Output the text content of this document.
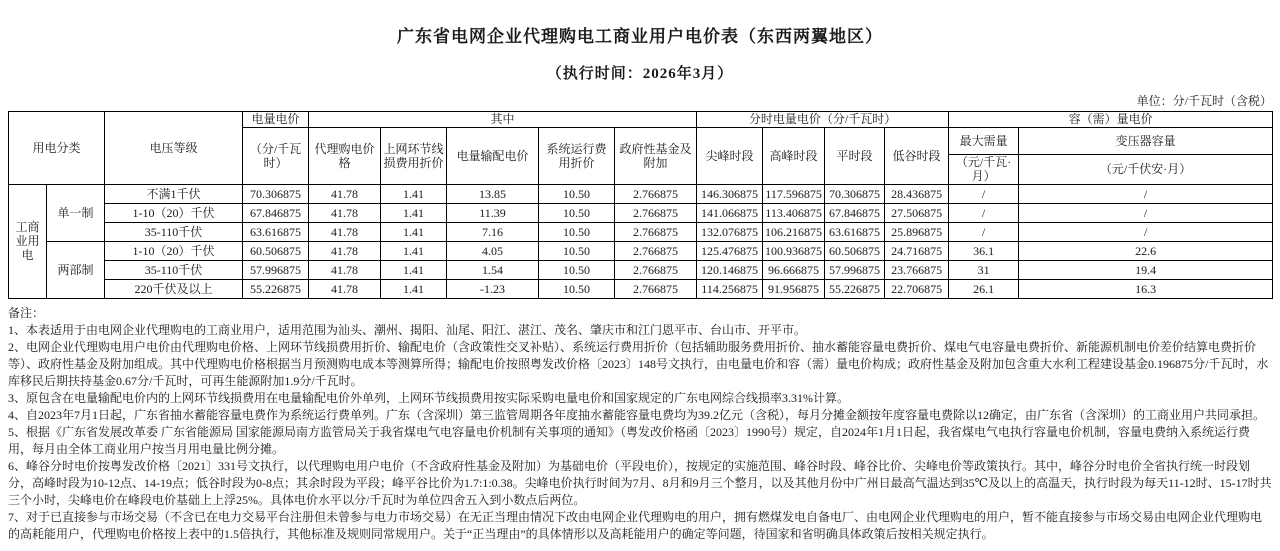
广东省电网企业代理购电工商业用户电价表（东西两翼地区）
（执行时间：2026年3月）
单位：分/千瓦时（含税）
用电分类		电压等级	电量电价	其中					分时电量电价（分/千瓦时）				容（需）量电价	
			（分/千瓦时）	代理购电价格	上网环节线损费用折价	电量输配电价	系统运行费用折价	政府性基金及附加	尖峰时段	高峰时段	平时段	低谷时段	最大需量	变压器容量
													（元/千瓦·月）	（元/千伏安·月）
工商业用电	单一制	不满1千伏	70.306875	41.78	1.41	13.85	10.50	2.766875	146.306875	117.596875	70.306875	28.436875	/	/
		1-10（20）千伏	67.846875	41.78	1.41	11.39	10.50	2.766875	141.066875	113.406875	67.846875	27.506875	/	/
		35-110千伏	63.616875	41.78	1.41	7.16	10.50	2.766875	132.076875	106.216875	63.616875	25.896875	/	/
	两部制	1-10（20）千伏	60.506875	41.78	1.41	4.05	10.50	2.766875	125.476875	100.936875	60.506875	24.716875	36.1	22.6
		35-110千伏	57.996875	41.78	1.41	1.54	10.50	2.766875	120.146875	96.666875	57.996875	23.766875	31	19.4
		220千伏及以上	55.226875	41.78	1.41	-1.23	10.50	2.766875	114.256875	91.956875	55.226875	22.706875	26.1	16.3
备注：
1、本表适用于由电网企业代理购电的工商业用户，适用范围为汕头、潮州、揭阳、汕尾、阳江、湛江、茂名、肇庆市和江门恩平市、台山市、开平市。
2、电网企业代理购电用户电价由代理购电价格、上网环节线损费用折价、输配电价（含政策性交叉补贴）、系统运行费用折价（包括辅助服务费用折价、抽水蓄能容量电费折价、煤电气电容量电费折价、新能源机制电价差价结算电费折价等）、政府性基金及附加组成。其中代理购电价格根据当月预测购电成本等测算所得；输配电价按照粤发改价格〔2023〕148号文执行，由电量电价和容（需）量电价构成；政府性基金及附加包含重大水利工程建设基金0.196875分/千瓦时，水库移民后期扶持基金0.67分/千瓦时，可再生能源附加1.9分/千瓦时。
3、原包含在电量输配电价内的上网环节线损费用在电量输配电价外单列，上网环节线损费用按实际采购电量电价和国家规定的广东电网综合线损率3.31%计算。
4、自2023年7月1日起，广东省抽水蓄能容量电费作为系统运行费单列。广东（含深圳）第三监管周期各年度抽水蓄能容量电费均为39.2亿元（含税），每月分摊金额按年度容量电费除以12确定，由广东省（含深圳）的工商业用户共同承担。
5、根据《广东省发展改革委 广东省能源局 国家能源局南方监管局关于我省煤电气电容量电价机制有关事项的通知》（粤发改价格函〔2023〕1990号）规定，自2024年1月1日起，我省煤电气电执行容量电价机制，容量电费纳入系统运行费用，每月由全体工商业用户按当月用电量比例分摊。
6、峰谷分时电价按粤发改价格〔2021〕331号文执行，以代理购电用户电价（不含政府性基金及附加）为基础电价（平段电价），按规定的实施范围、峰谷时段、峰谷比价、尖峰电价等政策执行。其中，峰谷分时电价全省执行统一时段划分，高峰时段为10-12点、14-19点；低谷时段为0-8点；其余时段为平段；峰平谷比价为1.7:1:0.38。尖峰电价执行时间为7月、8月和9月三个整月，以及其他月份中广州日最高气温达到35℃及以上的高温天，执行时段为每天11-12时、15-17时共三个小时，尖峰电价在峰段电价基础上上浮25%。具体电价水平以分/千瓦时为单位四舍五入到小数点后两位。
7、对于已直接参与市场交易（不含已在电力交易平台注册但未曾参与电力市场交易）在无正当理由情况下改由电网企业代理购电的用户，拥有燃煤发电自备电厂、由电网企业代理购电的用户，暂不能直接参与市场交易由电网企业代理购电的高耗能用户，代理购电价格按上表中的1.5倍执行，其他标准及规则同常规用户。关于“正当理由”的具体情形以及高耗能用户的确定等问题，待国家和省明确具体政策后按相关规定执行。
